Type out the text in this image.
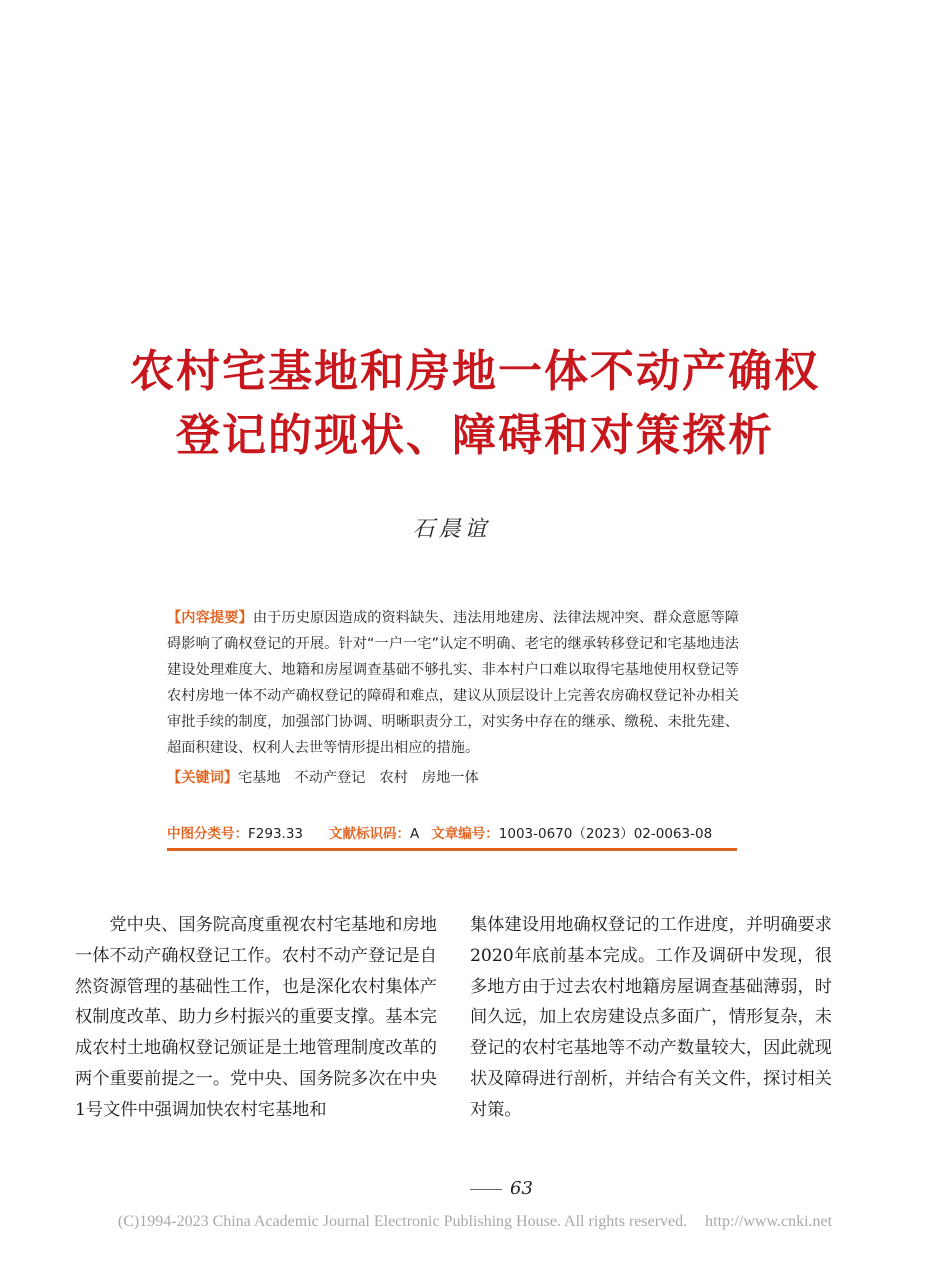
农村宅基地和房地一体不动产确权
登记的现状、障碍和对策探析
石晨谊
【内容提要】由于历史原因造成的资料缺失、违法用地建房、法律法规冲突、群众意愿等障碍影响了确权登记的开展。针对“一户一宅”认定不明确、老宅的继承转移登记和宅基地违法建设处理难度大、地籍和房屋调查基础不够扎实、非本村户口难以取得宅基地使用权登记等农村房地一体不动产确权登记的障碍和难点，建议从顶层设计上完善农房确权登记补办相关审批手续的制度，加强部门协调、明晰职责分工，对实务中存在的继承、缴税、未批先建、超面积建设、权利人去世等情形提出相应的措施。
【关键词】宅基地 不动产登记 农村 房地一体
中图分类号：F293.33 文献标识码：A 文章编号：1003-0670（2023）02-0063-08

党中央、国务院高度重视农村宅基地和房地一体不动产确权登记工作。农村不动产登记是自然资源管理的基础性工作，也是深化农村集体产权制度改革、助力乡村振兴的重要支撑。基本完成农村土地确权登记颁证是土地管理制度改革的两个重要前提之一。党中央、国务院多次在中央1号文件中强调加快农村宅基地和

集体建设用地确权登记的工作进度，并明确要求2020年底前基本完成。工作及调研中发现，很多地方由于过去农村地籍房屋调查基础薄弱，时间久远，加上农房建设点多面广，情形复杂，未登记的农村宅基地等不动产数量较大，因此就现状及障碍进行剖析，并结合有关文件，探讨相关对策。

63
(C)1994-2023 China Academic Journal Electronic Publishing House. All rights reserved. http://www.cnki.net
